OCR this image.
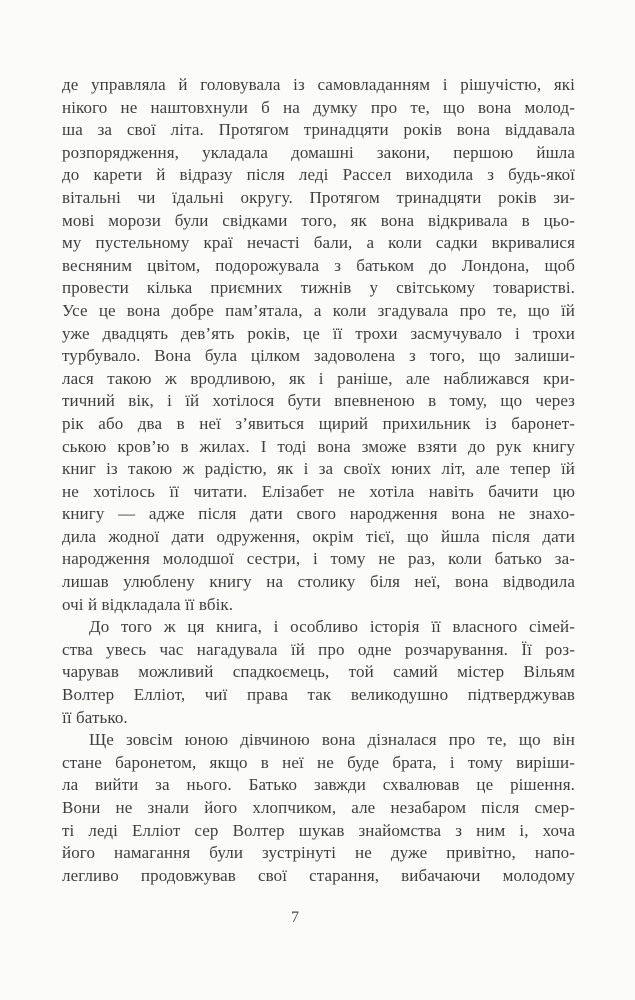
де управляла й головувала із самовладанням і рішучістю, які
нікого не наштовхнули б на думку про те, що вона молод-
ша за свої літа. Протягом тринадцяти років вона віддавала
розпорядження, укладала домашні закони, першою йшла
до карети й відразу після леді Рассел виходила з будь-якої
вітальні чи їдальні округу. Протягом тринадцяти років зи-
мові морози були свідками того, як вона відкривала в цьо-
му пустельному краї нечасті бали, а коли садки вкривалися
весняним цвітом, подорожувала з батьком до Лондона, щоб
провести кілька приємних тижнів у світському товаристві.
Усе це вона добре пам’ятала, а коли згадувала про те, що їй
уже двадцять дев’ять років, це її трохи засмучувало і трохи
турбувало. Вона була цілком задоволена з того, що залиши-
лася такою ж вродливою, як і раніше, але наближався кри-
тичний вік, і їй хотілося бути впевненою в тому, що через
рік або два в неї з’явиться щирий прихильник із баронет-
ською кров’ю в жилах. І тоді вона зможе взяти до рук книгу
книг із такою ж радістю, як і за своїх юних літ, але тепер їй
не хотілось її читати. Елізабет не хотіла навіть бачити цю
книгу — адже після дати свого народження вона не знахо-
дила жодної дати одруження, окрім тієї, що йшла після дати
народження молодшої сестри, і тому не раз, коли батько за-
лишав улюблену книгу на столику біля неї, вона відводила
очі й відкладала її вбік.
До того ж ця книга, і особливо історія її власного сімей-
ства увесь час нагадувала їй про одне розчарування. Її роз-
чарував можливий спадкоємець, той самий містер Вільям
Волтер Елліот, чиї права так великодушно підтверджував
її батько.
Ще зовсім юною дівчиною вона дізналася про те, що він
стане баронетом, якщо в неї не буде брата, і тому виріши-
ла вийти за нього. Батько завжди схвалював це рішення.
Вони не знали його хлопчиком, але незабаром після смер-
ті леді Елліот сер Волтер шукав знайомства з ним і, хоча
його намагання були зустрінуті не дуже привітно, напо-
легливо продовжував свої старання, вибачаючи молодому
7
